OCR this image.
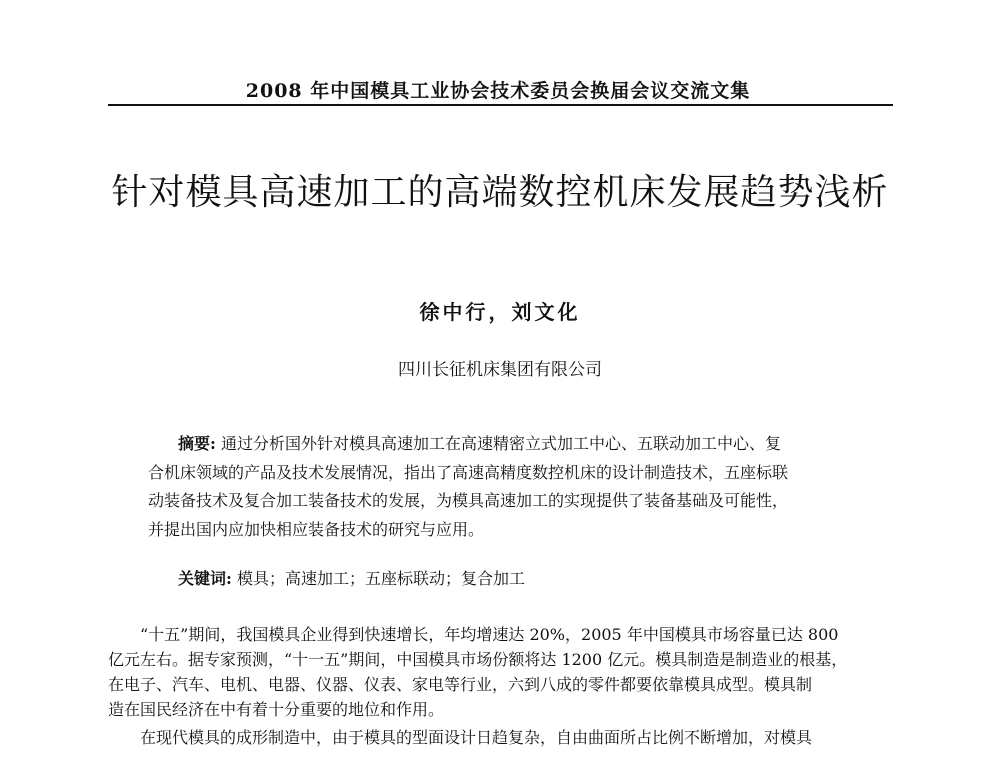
2008 年中国模具工业协会技术委员会换届会议交流文集
针对模具高速加工的高端数控机床发展趋势浅析
徐中行，刘文化
四川长征机床集团有限公司
摘要: 通过分析国外针对模具高速加工在高速精密立式加工中心、五联动加工中心、复
合机床领域的产品及技术发展情况，指出了高速高精度数控机床的设计制造技术，五座标联
动装备技术及复合加工装备技术的发展，为模具高速加工的实现提供了装备基础及可能性，
并提出国内应加快相应装备技术的研究与应用。
关键词: 模具；高速加工；五座标联动；复合加工
“十五”期间，我国模具企业得到快速增长，年均增速达 20%，2005 年中国模具市场容量已达 800
亿元左右。据专家预测，“十一五”期间，中国模具市场份额将达 1200 亿元。模具制造是制造业的根基，
在电子、汽车、电机、电器、仪器、仪表、家电等行业，六到八成的零件都要依靠模具成型。模具制
造在国民经济在中有着十分重要的地位和作用。
在现代模具的成形制造中，由于模具的型面设计日趋复杂，自由曲面所占比例不断增加，对模具
